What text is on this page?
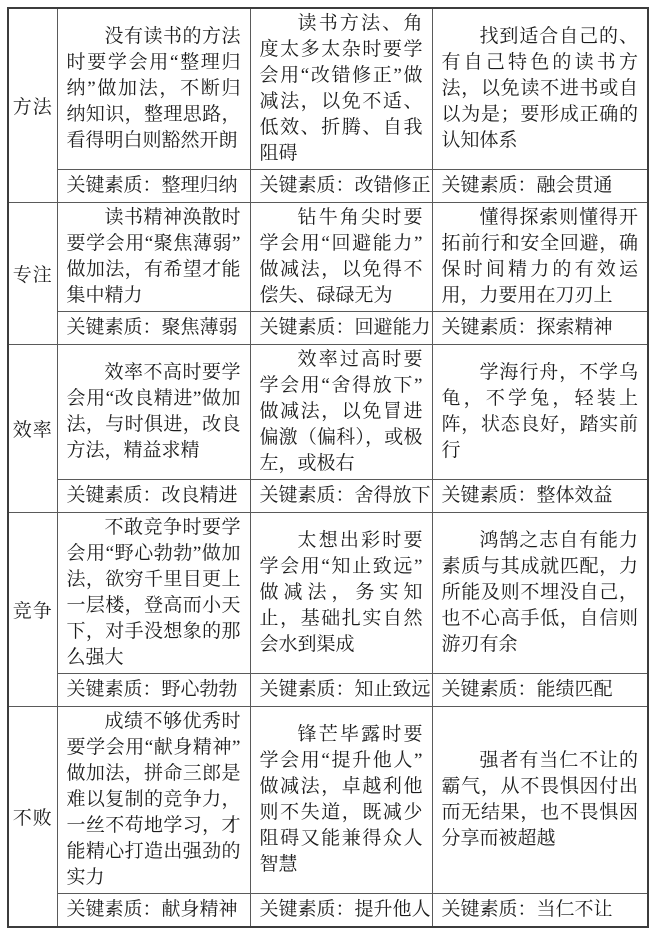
方法	没有读书的方法时要学会用“整理归纳”做加法，不断归纳知识，整理思路，看得明白则豁然开朗	读书方法、角度太多太杂时要学会用“改错修正”做减法，以免不适、低效、折腾、自我阻碍	找到适合自己的、有自己特色的读书方法，以免读不进书或自以为是；要形成正确的认知体系

	关键素质：整理归纳	关键素质：改错修正	关键素质：融会贯通
专注	读书精神涣散时要学会用“聚焦薄弱”做加法，有希望才能集中精力	钻牛角尖时要学会用“回避能力”做减法，以免得不偿失、碌碌无为	懂得探索则懂得开拓前行和安全回避，确保时间精力的有效运用，力要用在刀刃上

	关键素质：聚焦薄弱	关键素质：回避能力	关键素质：探索精神
效率	效率不高时要学会用“改良精进”做加法，与时俱进，改良方法，精益求精	效率过高时要学会用“舍得放下”做减法，以免冒进偏激（偏科），或极左，或极右	学海行舟，不学乌龟，不学兔，轻装上阵，状态良好，踏实前行

	关键素质：改良精进	关键素质：舍得放下	关键素质：整体效益
竞争	不敢竞争时要学会用“野心勃勃”做加法，欲穷千里目更上一层楼，登高而小天下，对手没想象的那么强大	太想出彩时要学会用“知止致远”做减法，务实知止，基础扎实自然会水到渠成	鸿鹄之志自有能力素质与其成就匹配，力所能及则不埋没自己，也不心高手低，自信则游刃有余

	关键素质：野心勃勃	关键素质：知止致远	关键素质：能绩匹配
不败	成绩不够优秀时要学会用“献身精神”做加法，拼命三郎是难以复制的竞争力，一丝不苟地学习，才能精心打造出强劲的实力	锋芒毕露时要学会用“提升他人”做减法，卓越利他则不失道，既减少阻碍又能兼得众人智慧	强者有当仁不让的霸气，从不畏惧因付出而无结果，也不畏惧因分享而被超越

	关键素质：献身精神	关键素质：提升他人	关键素质：当仁不让
